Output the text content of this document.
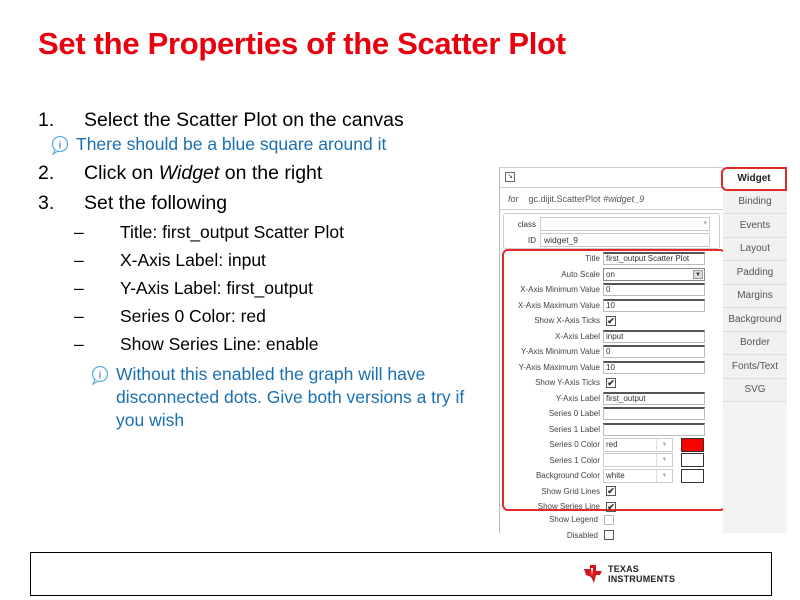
Set the Properties of the Scatter Plot
1.	Select the Scatter Plot on the canvas
i There should be a blue square around it
2.	Click on Widget on the right
3.	Set the following
–	Title: first_output Scatter Plot
–	X-Axis Label: input
–	Y-Axis Label: first_output
–	Series 0 Color: red
–	Show Series Line: enable
i Without this enabled the graph will have disconnected dots. Give both versions a try if you wish
↘
for gc.dijit.ScatterPlot #widget_9
class	▾
ID widget_9
Title first_output Scatter Plot
Auto Scale on	▼
X-Axis Minimum Value 0
X-Axis Maximum Value 10
Show X-Axis Ticks ✔
X-Axis Label input
Y-Axis Minimum Value 0
Y-Axis Maximum Value 10
Show Y-Axis Ticks ✔
Y-Axis Label first_output
Series 0 Label
Series 1 Label
Series 0 Color red	▼
Series 1 Color	▼
Background Color white	▼
Show Grid Lines ✔
Show Series Line ✔
Show Legend
Disabled
Widget
Binding
Events
Layout
Padding
Margins
Background
Border
Fonts/Text
SVG
TEXAS
INSTRUMENTS
